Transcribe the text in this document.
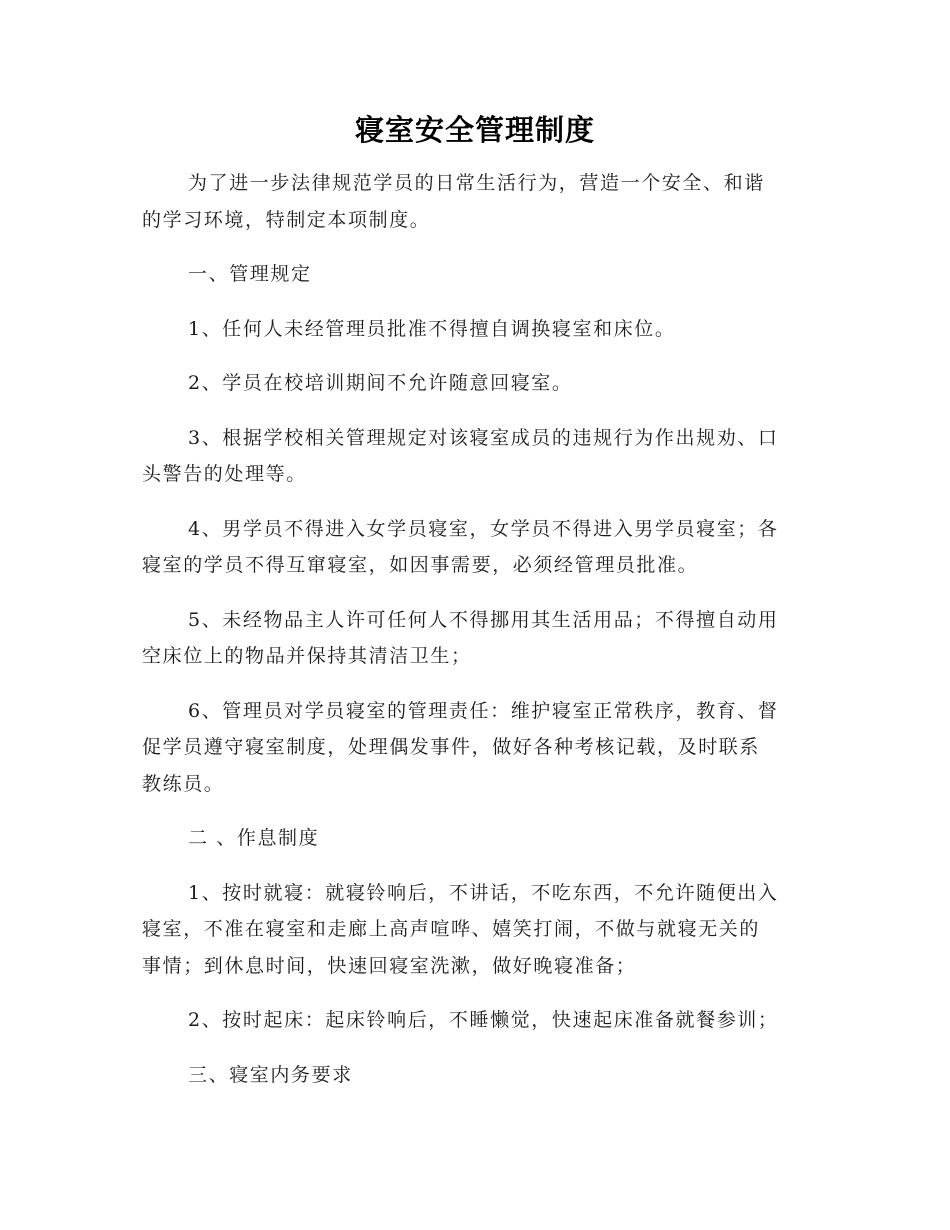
寝室安全管理制度
为了进一步法律规范学员的日常生活行为，营造一个安全、和谐
的学习环境，特制定本项制度。
一、管理规定
1、任何人未经管理员批准不得擅自调换寝室和床位。
2、学员在校培训期间不允许随意回寝室。
3、根据学校相关管理规定对该寝室成员的违规行为作出规劝、口
头警告的处理等。
4、男学员不得进入女学员寝室，女学员不得进入男学员寝室；各
寝室的学员不得互窜寝室，如因事需要，必须经管理员批准。
5、未经物品主人许可任何人不得挪用其生活用品；不得擅自动用
空床位上的物品并保持其清洁卫生；
6、管理员对学员寝室的管理责任：维护寝室正常秩序，教育、督
促学员遵守寝室制度，处理偶发事件，做好各种考核记载，及时联系
教练员。
二 、作息制度
1、按时就寝：就寝铃响后，不讲话，不吃东西，不允许随便出入
寝室，不准在寝室和走廊上高声喧哗、嬉笑打闹，不做与就寝无关的
事情；到休息时间，快速回寝室洗漱，做好晚寝准备；
2、按时起床：起床铃响后，不睡懒觉，快速起床准备就餐参训；
三、寝室内务要求
